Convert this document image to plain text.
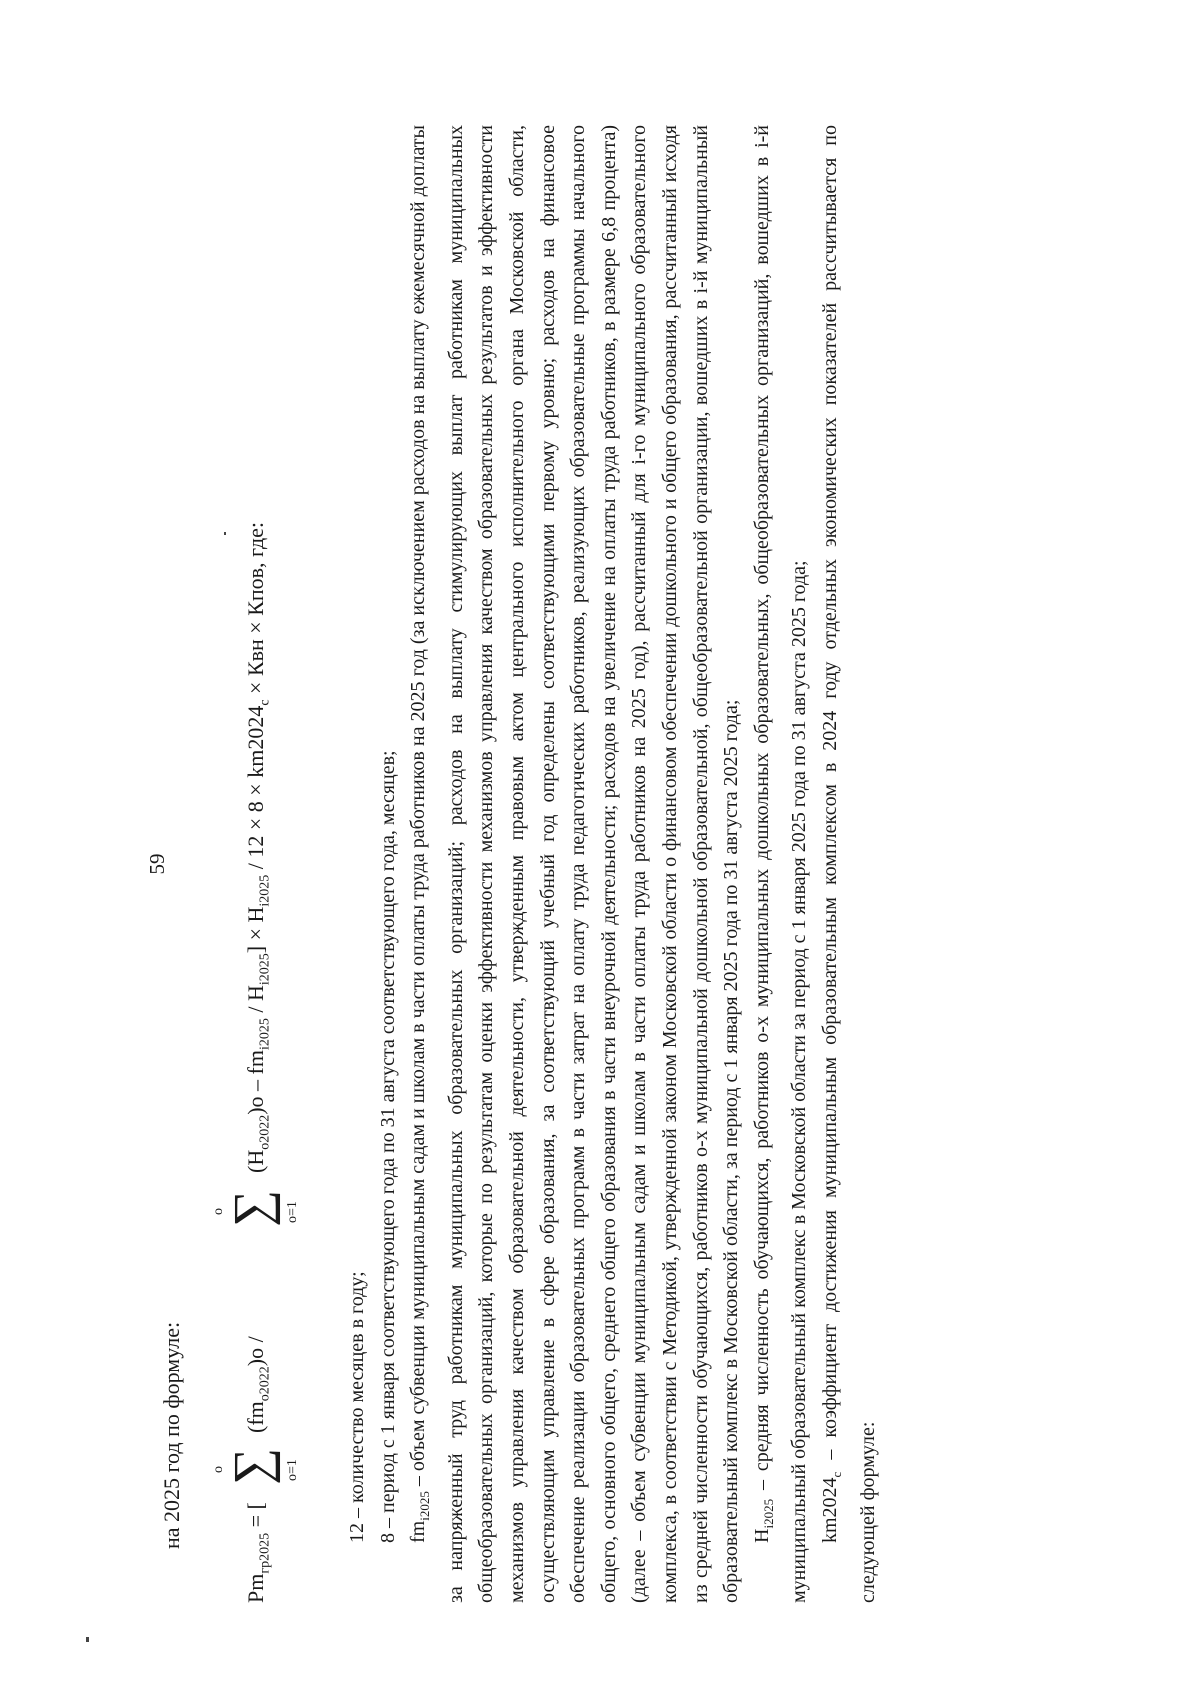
59
на 2025 год по формуле:
$Pm_{гр2025}$ = [
o
∑ o=1
$(fm_{o2022})o$ /
o
∑ o=1
$(H_{o2022})o - fm_{i2025} / H_{i2025}] \times H_{i2025} / 12 \times 8 \times km2024_c$ × Квн × Кпов, где:

12 – количество месяцев в году; 8 – период с 1 января соответствующего года по 31 августа соответствующего года, месяцев; $fm_{i2025}$ – объем субвенции муниципальным садам и школам в части оплаты труда работников на 2025 год (за исключением расходов на выплату ежемесячной доплаты за напряженный труд работникам муниципальных образовательных организаций; расходов на выплату стимулирующих выплат работникам муниципальных общеобразовательных организаций, которые по результатам оценки эффективности механизмов управления качеством образовательных результатов и эффективности механизмов управления качеством образовательной деятельности, утвержденным правовым актом центрального исполнительного органа Московской области, осуществляющим управление в сфере образования, за соответствующий учебный год определены соответствующими первому уровню; расходов на финансовое обеспечение реализации образовательных программ в части затрат на оплату труда педагогических работников, реализующих образовательные программы начального общего, основного общего, среднего общего образования в части внеурочной деятельности; расходов на увеличение на оплаты труда работников, в размере 6,8 процента) (далее – объем субвенции муниципальным садам и школам в части оплаты труда работников на 2025 год), рассчитанный для i-го муниципального образовательного комплекса, в соответствии с Методикой, утвержденной законом Московской области о финансовом обеспечении дошкольного и общего образования, рассчитанный исходя из средней численности обучающихся, работников o-х муниципальной дошкольной образовательной, общеобразовательной организации, вошедших в i-й муниципальный образовательный комплекс в Московской области, за период с 1 января 2025 года по 31 августа 2025 года; $H_{i2025}$ – средняя численность обучающихся, работников o-х муниципальных дошкольных образовательных, общеобразовательных организаций, вошедших в i-й муниципальный образовательный комплекс в Московской области за период с 1 января 2025 года по 31 августа 2025 года; $km2024_c$ – коэффициент достижения муниципальным образовательным комплексом в 2024 году отдельных экономических показателей рассчитывается по следующей формуле:
